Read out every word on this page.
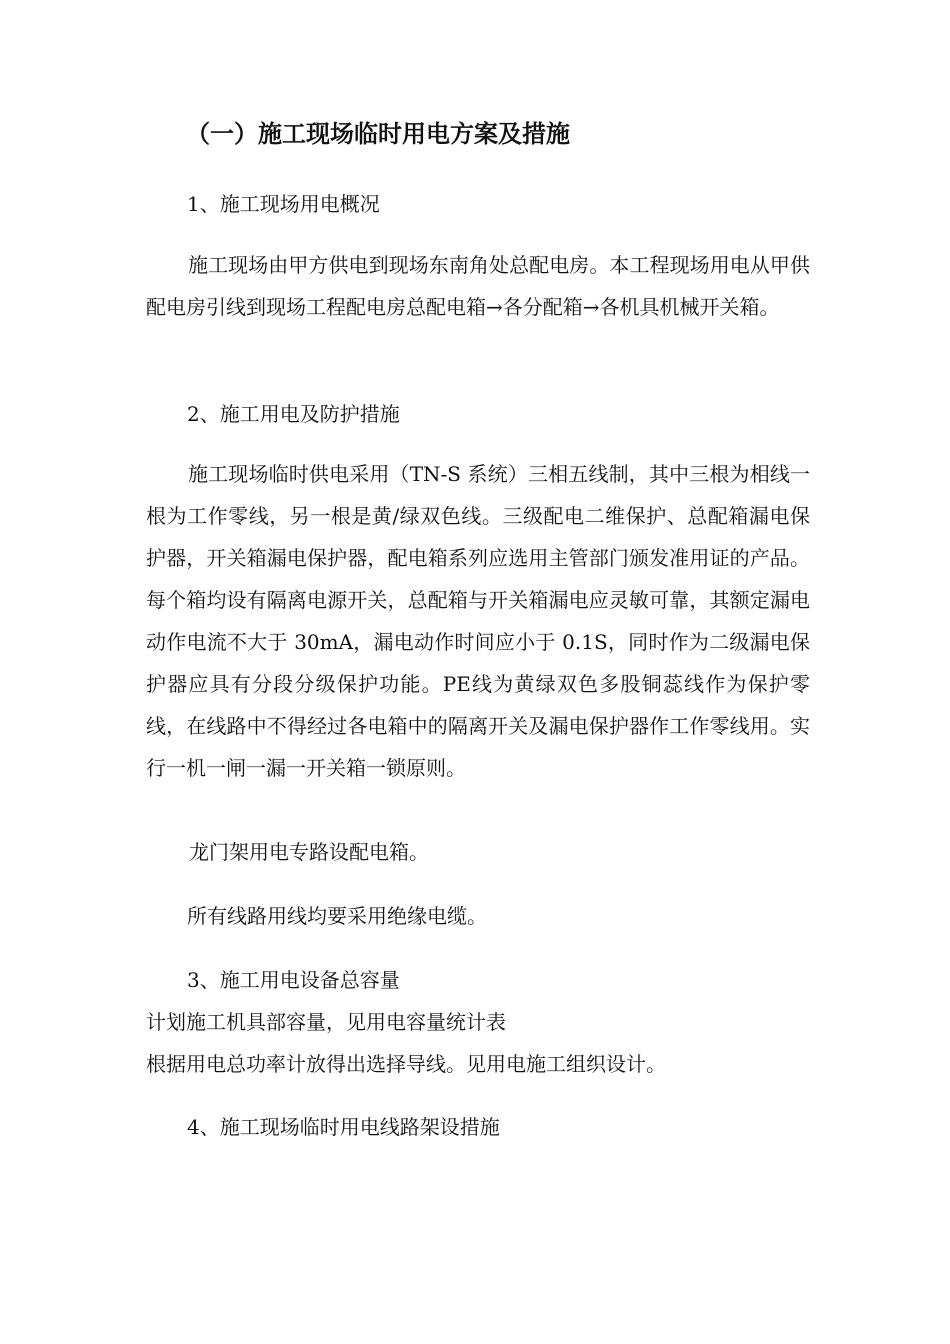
（一）施工现场临时用电方案及措施

1、施工现场用电概况

施工现场由甲方供电到现场东南角处总配电房。本工程现场用电从甲供配电房引线到现场工程配电房总配电箱→各分配箱→各机具机械开关箱。

2、施工用电及防护措施

施工现场临时供电采用（TN-S 系统）三相五线制，其中三根为相线一根为工作零线，另一根是黄/绿双色线。三级配电二维保护、总配箱漏电保护器，开关箱漏电保护器，配电箱系列应选用主管部门颁发准用证的产品。每个箱均设有隔离电源开关，总配箱与开关箱漏电应灵敏可靠，其额定漏电动作电流不大于 30mA，漏电动作时间应小于 0.1S，同时作为二级漏电保护器应具有分段分级保护功能。PE线为黄绿双色多股铜蕊线作为保护零线，在线路中不得经过各电箱中的隔离开关及漏电保护器作工作零线用。实行一机一闸一漏一开关箱一锁原则。

龙门架用电专路设配电箱。

所有线路用线均要采用绝缘电缆。

3、施工用电设备总容量

计划施工机具部容量，见用电容量统计表

根据用电总功率计放得出选择导线。见用电施工组织设计。

4、施工现场临时用电线路架设措施
